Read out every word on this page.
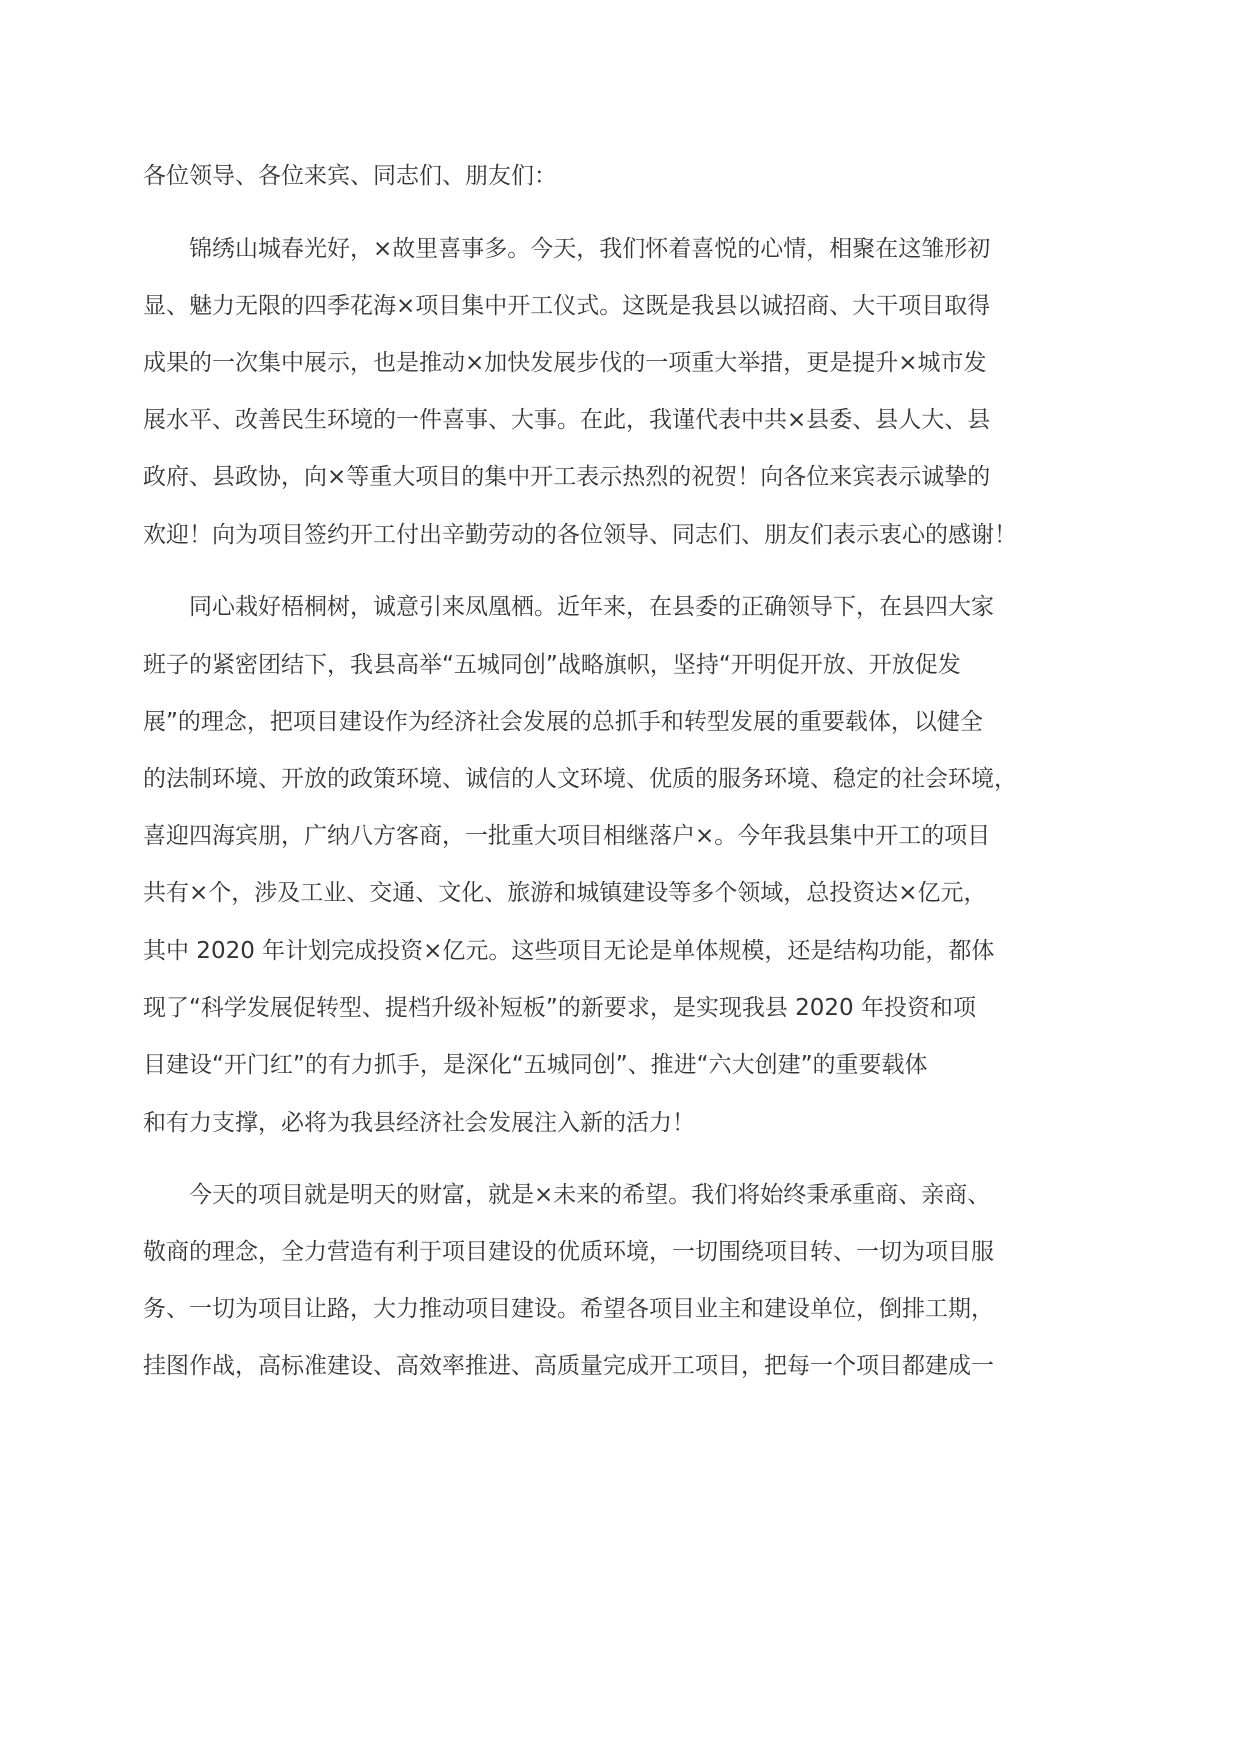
各位领导、各位来宾、同志们、朋友们：
锦绣山城春光好，×故里喜事多。今天，我们怀着喜悦的心情，相聚在这雏形初
显、魅力无限的四季花海×项目集中开工仪式。这既是我县以诚招商、大干项目取得
成果的一次集中展示，也是推动×加快发展步伐的一项重大举措，更是提升×城市发
展水平、改善民生环境的一件喜事、大事。在此，我谨代表中共×县委、县人大、县
政府、县政协，向×等重大项目的集中开工表示热烈的祝贺！向各位来宾表示诚挚的
欢迎！向为项目签约开工付出辛勤劳动的各位领导、同志们、朋友们表示衷心的感谢！
同心栽好梧桐树，诚意引来凤凰栖。近年来，在县委的正确领导下，在县四大家
班子的紧密团结下，我县高举“五城同创”战略旗帜，坚持“开明促开放、开放促发
展”的理念，把项目建设作为经济社会发展的总抓手和转型发展的重要载体，以健全
的法制环境、开放的政策环境、诚信的人文环境、优质的服务环境、稳定的社会环境，
喜迎四海宾朋，广纳八方客商，一批重大项目相继落户×。今年我县集中开工的项目
共有×个，涉及工业、交通、文化、旅游和城镇建设等多个领域，总投资达×亿元，
其中 2020 年计划完成投资×亿元。这些项目无论是单体规模，还是结构功能，都体
现了“科学发展促转型、提档升级补短板”的新要求，是实现我县 2020 年投资和项
目建设“开门红”的有力抓手，是深化“五城同创”、推进“六大创建”的重要载体
和有力支撑，必将为我县经济社会发展注入新的活力！
今天的项目就是明天的财富，就是×未来的希望。我们将始终秉承重商、亲商、
敬商的理念，全力营造有利于项目建设的优质环境，一切围绕项目转、一切为项目服
务、一切为项目让路，大力推动项目建设。希望各项目业主和建设单位，倒排工期，
挂图作战，高标准建设、高效率推进、高质量完成开工项目，把每一个项目都建成一
